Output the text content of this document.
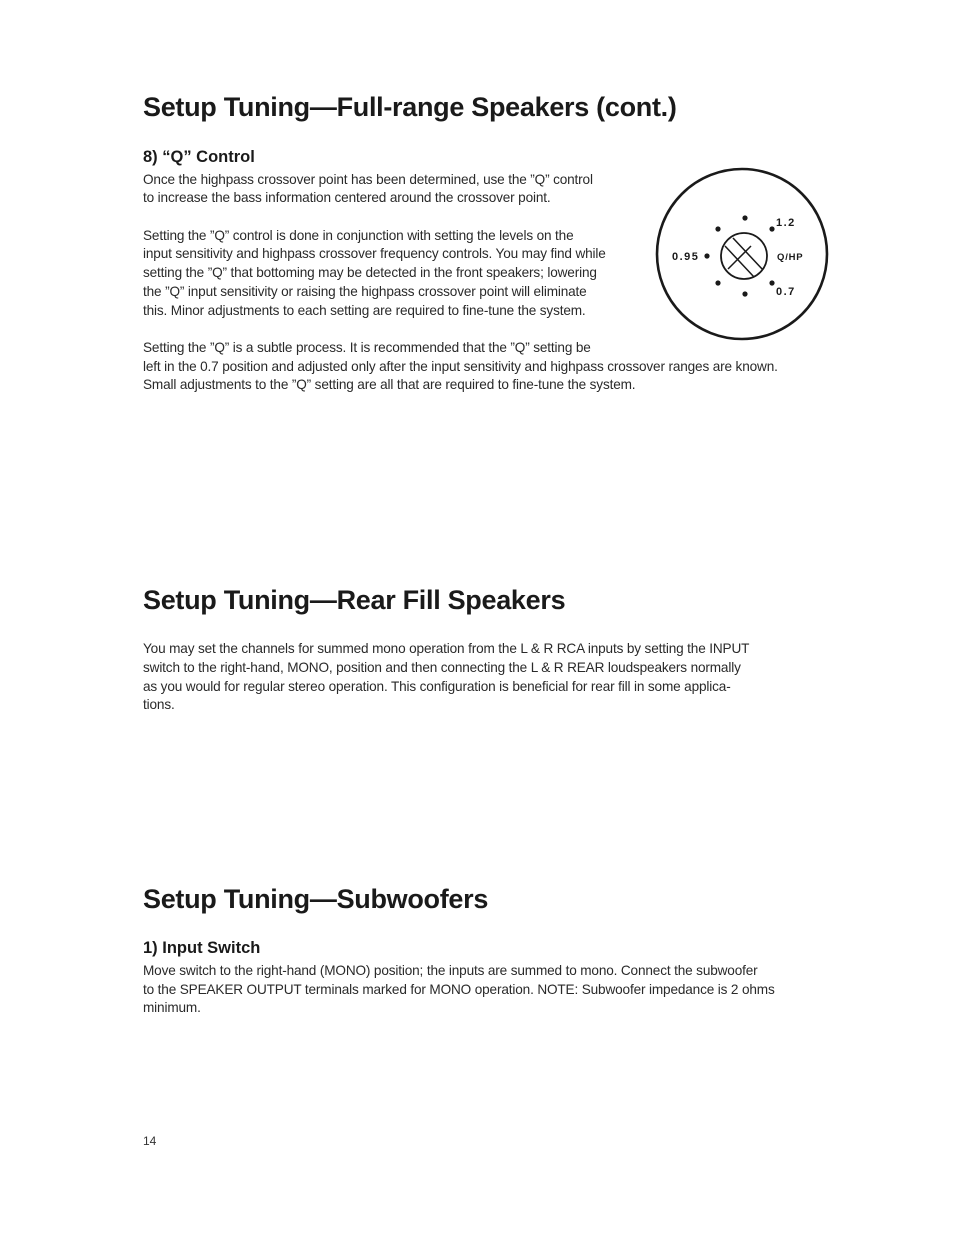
Setup Tuning—Full-range Speakers (cont.)
8) “Q” Control

Once the highpass crossover point has been determined, use the ”Q” control

to increase the bass information centered around the crossover point.

Setting the ”Q” control is done in conjunction with setting the levels on the

input sensitivity and highpass crossover frequency controls. You may find while

setting the ”Q” that bottoming may be detected in the front speakers; lowering

the ”Q” input sensitivity or raising the highpass crossover point will eliminate

this. Minor adjustments to each setting are required to fine-tune the system.

Setting the ”Q” is a subtle process. It is recommended that the ”Q” setting be

left in the 0.7 position and adjusted only after the input sensitivity and highpass crossover ranges are known.

Small adjustments to the ”Q” setting are all that are required to fine-tune the system.

1.2
0.95
0.7
Q/HP
Setup Tuning—Rear Fill Speakers

You may set the channels for summed mono operation from the L & R RCA inputs by setting the INPUT

switch to the right-hand, MONO, position and then connecting the L & R REAR loudspeakers normally

as you would for regular stereo operation. This configuration is beneficial for rear fill in some applica-

tions.

Setup Tuning—Subwoofers
1) Input Switch

Move switch to the right-hand (MONO) position; the inputs are summed to mono. Connect the subwoofer

to the SPEAKER OUTPUT terminals marked for MONO operation. NOTE: Subwoofer impedance is 2 ohms

minimum.

14
